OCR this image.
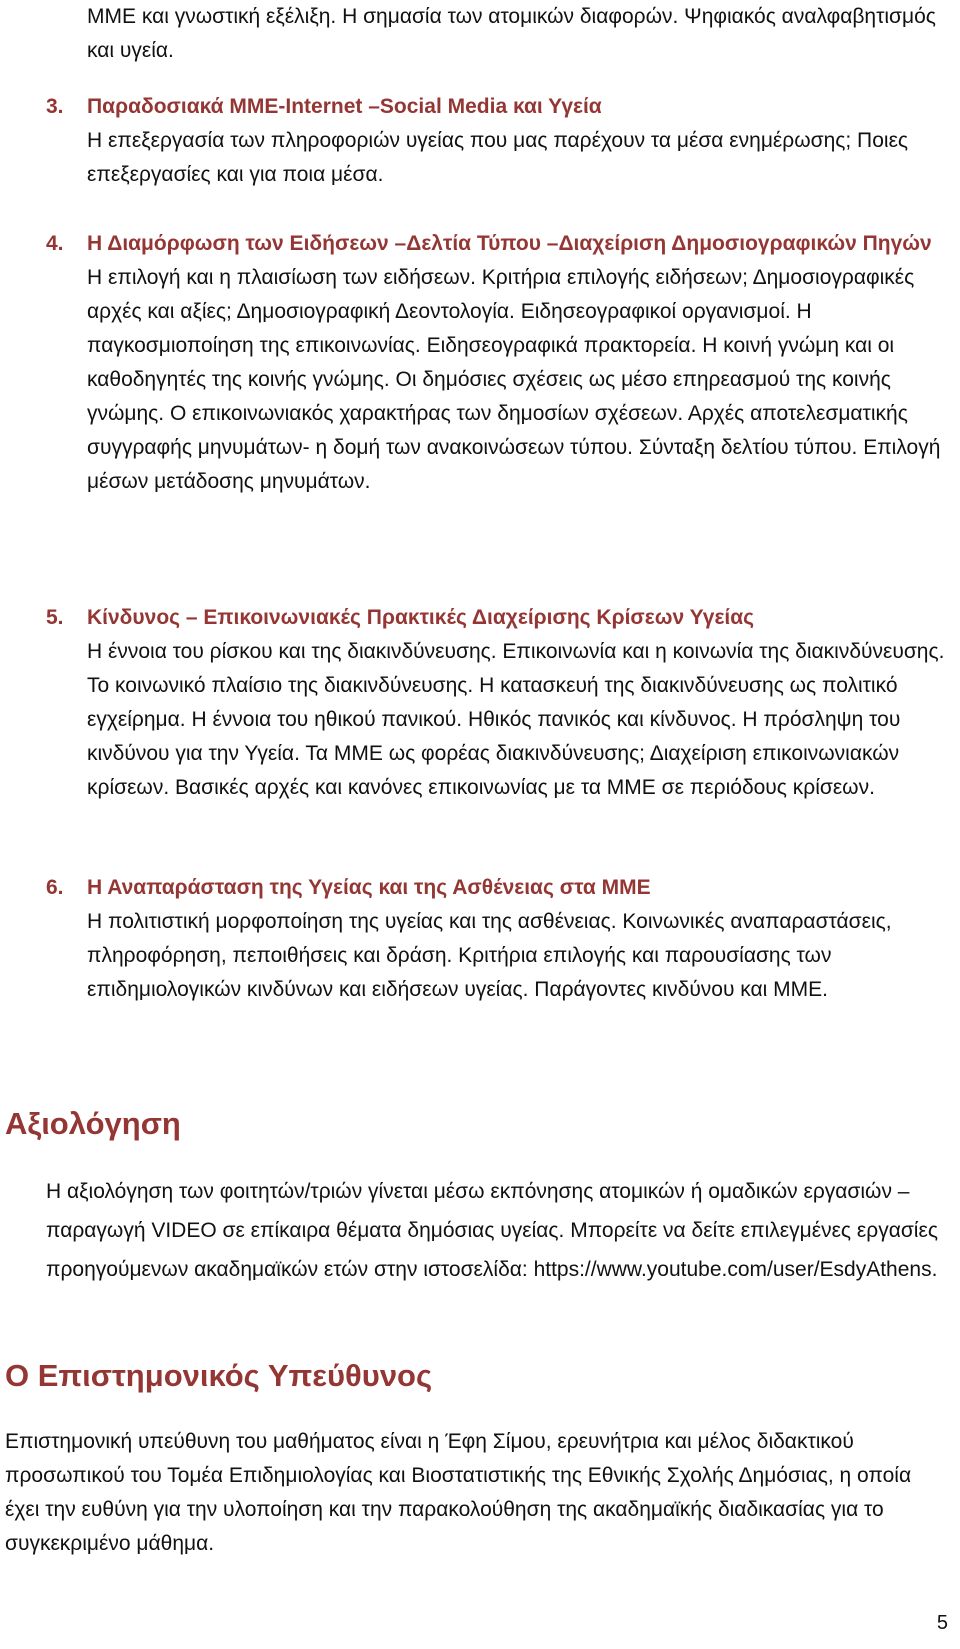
ΜΜΕ και γνωστική εξέλιξη. Η σημασία των ατομικών διαφορών. Ψηφιακός αναλφαβητισμός και υγεία.
3. Παραδοσιακά ΜΜΕ-Internet –Social Media και Υγεία
Η επεξεργασία των πληροφοριών υγείας που μας παρέχουν τα μέσα ενημέρωσης; Ποιες επεξεργασίες και για ποια μέσα.
4. Η Διαμόρφωση των Ειδήσεων –Δελτία Τύπου –Διαχείριση Δημοσιογραφικών Πηγών
Η επιλογή και η πλαισίωση των ειδήσεων. Κριτήρια επιλογής ειδήσεων; Δημοσιογραφικές αρχές και αξίες; Δημοσιογραφική Δεοντολογία. Ειδησεογραφικοί οργανισμοί. Η παγκοσμιοποίηση της επικοινωνίας. Ειδησεογραφικά πρακτορεία. Η κοινή γνώμη και οι καθοδηγητές της κοινής γνώμης. Οι δημόσιες σχέσεις ως μέσο επηρεασμού της κοινής γνώμης. Ο επικοινωνιακός χαρακτήρας των δημοσίων σχέσεων. Αρχές αποτελεσματικής συγγραφής μηνυμάτων- η δομή των ανακοινώσεων τύπου. Σύνταξη δελτίου τύπου. Επιλογή μέσων μετάδοσης μηνυμάτων.
5. Κίνδυνος – Επικοινωνιακές Πρακτικές Διαχείρισης Κρίσεων Υγείας
Η έννοια του ρίσκου και της διακινδύνευσης. Επικοινωνία και η κοινωνία της διακινδύνευσης. Το κοινωνικό πλαίσιο της διακινδύνευσης. Η κατασκευή της διακινδύνευσης ως πολιτικό εγχείρημα. Η έννοια του ηθικού πανικού. Ηθικός πανικός και κίνδυνος. Η πρόσληψη του κινδύνου για την Υγεία. Τα ΜΜΕ ως φορέας διακινδύνευσης; Διαχείριση επικοινωνιακών κρίσεων. Βασικές αρχές και κανόνες επικοινωνίας με τα ΜΜΕ σε περιόδους κρίσεων.
6. Η Αναπαράσταση της Υγείας και της Ασθένειας στα ΜΜΕ
Η πολιτιστική μορφοποίηση της υγείας και της ασθένειας. Κοινωνικές αναπαραστάσεις, πληροφόρηση, πεποιθήσεις και δράση. Κριτήρια επιλογής και παρουσίασης των επιδημιολογικών κινδύνων και ειδήσεων υγείας. Παράγοντες κινδύνου και ΜΜΕ.
Αξιολόγηση
Η αξιολόγηση των φοιτητών/τριών γίνεται μέσω εκπόνησης ατομικών ή ομαδικών εργασιών – παραγωγή VIDEO σε επίκαιρα θέματα δημόσιας υγείας. Μπορείτε να δείτε επιλεγμένες εργασίες προηγούμενων ακαδημαϊκών ετών στην ιστοσελίδα: https://www.youtube.com/user/EsdyAthens.
Ο Επιστημονικός Υπεύθυνος
Επιστημονική υπεύθυνη του μαθήματος είναι η Έφη Σίμου, ερευνήτρια και μέλος διδακτικού προσωπικού του Τομέα Επιδημιολογίας και Βιοστατιστικής της Εθνικής Σχολής Δημόσιας, η οποία έχει την ευθύνη για την υλοποίηση και την παρακολούθηση της ακαδημαϊκής διαδικασίας για το συγκεκριμένο μάθημα.
5
